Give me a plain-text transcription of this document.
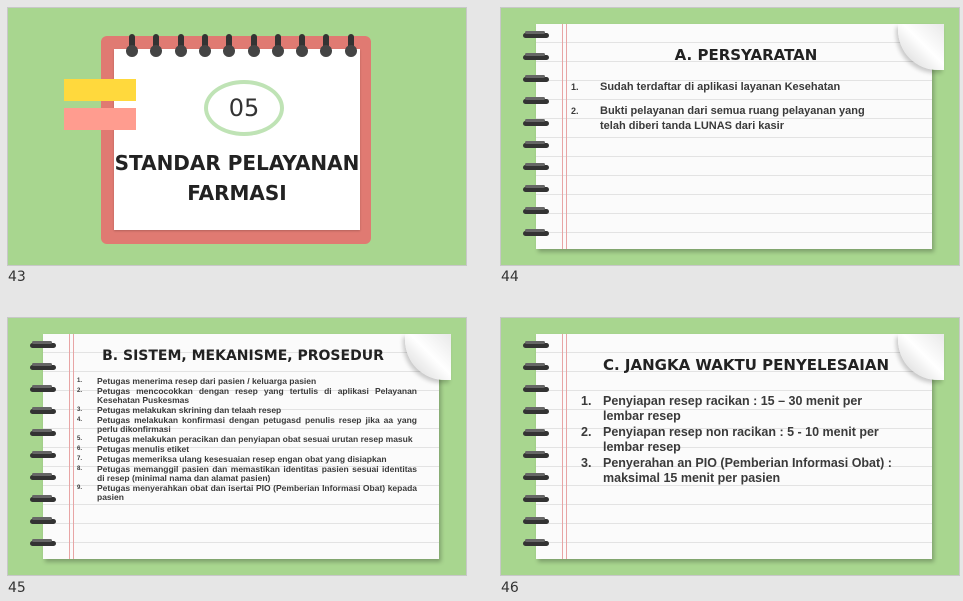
05
STANDAR PELAYANAN
FARMASI
43
A. PERSYARATAN
1. Sudah terdaftar di aplikasi layanan Kesehatan
2. Bukti pelayanan dari semua ruang pelayanan yang telah diberi tanda LUNAS dari kasir
44
B. SISTEM, MEKANISME, PROSEDUR
1. Petugas menerima resep dari pasien / keluarga pasien
2. Petugas mencocokkan dengan resep yang tertulis di aplikasi Pelayanan Kesehatan Puskesmas
3. Petugas melakukan skrining dan telaah resep
4. Petugas melakukan konfirmasi dengan petugasd penulis resep jika aa yang perlu dikonfirmasi
5. Petugas melakukan peracikan dan penyiapan obat sesuai urutan resep masuk
6. Petugas menulis etiket
7. Petugas memeriksa ulang kesesuaian resep engan obat yang disiapkan
8. Petugas memanggil pasien dan memastikan identitas pasien sesuai identitas di resep (minimal nama dan alamat pasien)
9. Petugas menyerahkan obat dan isertai PIO (Pemberian Informasi Obat) kepada pasien
45
C. JANGKA WAKTU PENYELESAIAN
1. Penyiapan resep racikan : 15 – 30 menit per lembar resep
2. Penyiapan resep non racikan : 5 - 10 menit per lembar resep
3. Penyerahan an PIO (Pemberian Informasi Obat) : maksimal 15 menit per pasien
46
